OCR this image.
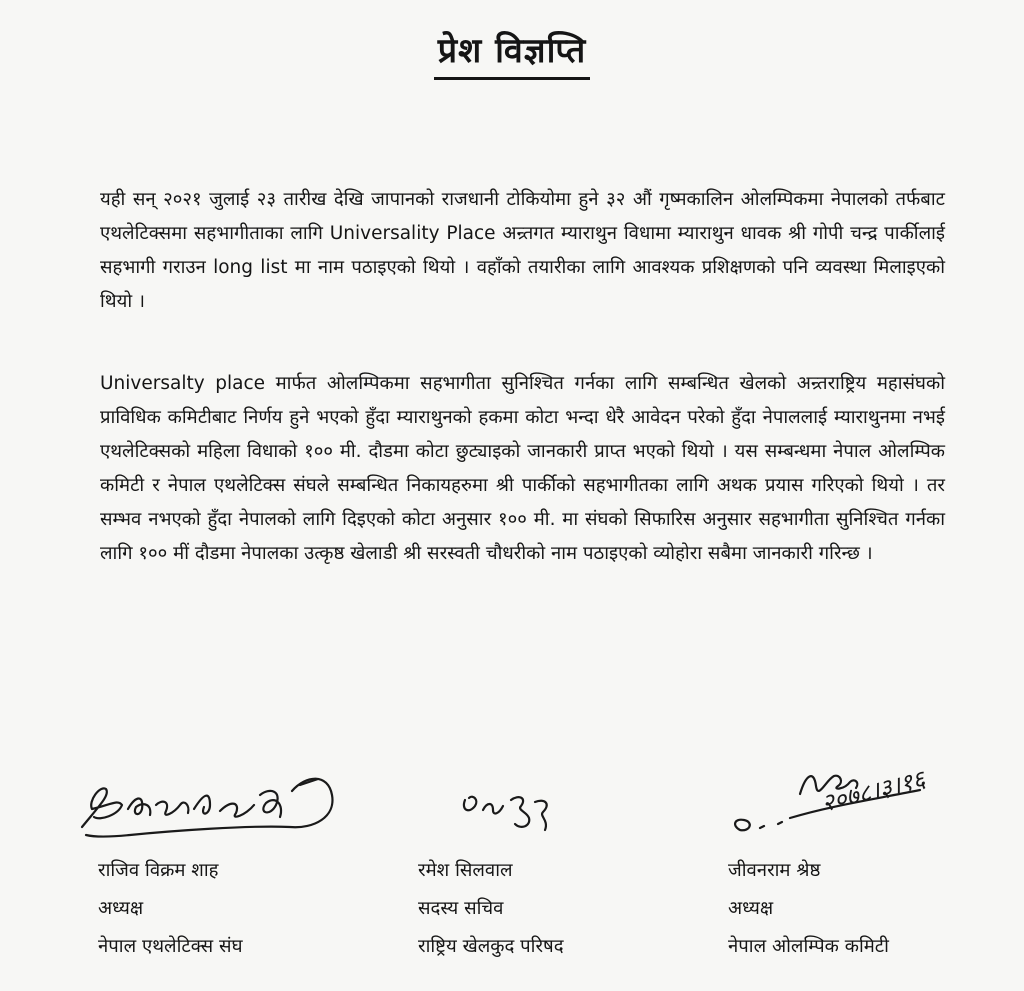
प्रेश विज्ञप्ति
यही सन् २०२१ जुलाई २३ तारीख देखि जापानको राजधानी टोकियोमा हुने ३२ औं गृष्मकालिन ओलम्पिकमा नेपालको तर्फबाट एथलेटिक्समा सहभागीताका लागि Universality Place अन्र्तगत म्याराथुन विधामा म्याराथुन धावक श्री गोपी चन्द्र पार्कीलाई सहभागी गराउन long list मा नाम पठाइएको थियो । वहाँको तयारीका लागि आवश्यक प्रशिक्षणको पनि व्यवस्था मिलाइएको थियो ।
Universalty place मार्फत ओलम्पिकमा सहभागीता सुनिश्चित गर्नका लागि सम्बन्धित खेलको अन्र्तराष्ट्रिय महासंघको प्राविधिक कमिटीबाट निर्णय हुने भएको हुँदा म्याराथुनको हकमा कोटा भन्दा धेरै आवेदन परेको हुँदा नेपाललाई म्याराथुनमा नभई एथलेटिक्सको महिला विधाको १०० मी. दौडमा कोटा छुट्याइको जानकारी प्राप्त भएको थियो । यस सम्बन्धमा नेपाल ओलम्पिक कमिटी र नेपाल एथलेटिक्स संघले सम्बन्धित निकायहरुमा श्री पार्कीको सहभागीतका लागि अथक प्रयास गरिएको थियो । तर सम्भव नभएको हुँदा नेपालको लागि दिइएको कोटा अनुसार १०० मी. मा संघको सिफारिस अनुसार सहभागीता सुनिश्चित गर्नका लागि १०० मीं दौडमा नेपालका उत्कृष्ठ खेलाडी श्री सरस्वती चौधरीको नाम पठाइएको व्योहोरा सबैमा जानकारी गरिन्छ ।
२०७८।३।१६
राजिव विक्रम शाह
अध्यक्ष
नेपाल एथलेटिक्स संघ
रमेश सिलवाल
सदस्य सचिव
राष्ट्रिय खेलकुद परिषद
जीवनराम श्रेष्ठ
अध्यक्ष
नेपाल ओलम्पिक कमिटी
